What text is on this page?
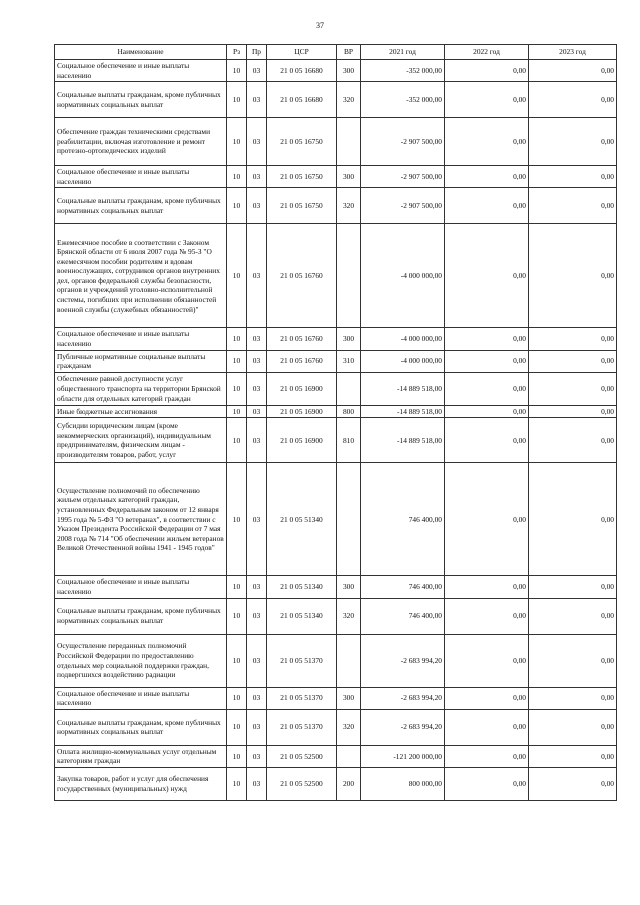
37
Наименование	Рз	Пр	ЦСР	ВР	2021 год	2022 год	2023 год
Социальное обеспечение и иные выплаты населению	10	03	21 0 05 16680	300	-352 000,00	0,00	0,00
Социальные выплаты гражданам, кроме публичных нормативных социальных выплат	10	03	21 0 05 16680	320	-352 000,00	0,00	0,00
Обеспечение граждан техническими средствами реабилитации, включая изготовление и ремонт протезно-ортопедических изделий	10	03	21 0 05 16750		-2 907 500,00	0,00	0,00
Социальное обеспечение и иные выплаты населению	10	03	21 0 05 16750	300	-2 907 500,00	0,00	0,00
Социальные выплаты гражданам, кроме публичных нормативных социальных выплат	10	03	21 0 05 16750	320	-2 907 500,00	0,00	0,00
Ежемесячное пособие в соответствии с Законом Брянской области от 6 июля 2007 года № 95-З "О ежемесячном пособии родителям и вдовам военнослужащих, сотрудников органов внутренних дел, органов федеральной службы безопасности, органов и учреждений уголовно-исполнительной системы, погибших при исполнении обязанностей военной службы (служебных обязанностей)"	10	03	21 0 05 16760		-4 000 000,00	0,00	0,00
Социальное обеспечение и иные выплаты населению	10	03	21 0 05 16760	300	-4 000 000,00	0,00	0,00
Публичные нормативные социальные выплаты гражданам	10	03	21 0 05 16760	310	-4 000 000,00	0,00	0,00
Обеспечение равной доступности услуг общественного транспорта на территории Брянской области для отдельных категорий граждан	10	03	21 0 05 16900		-14 889 518,00	0,00	0,00
Иные бюджетные ассигнования	10	03	21 0 05 16900	800	-14 889 518,00	0,00	0,00
Субсидии юридическим лицам (кроме некоммерческих организаций), индивидуальным предпринимателям, физическим лицам - производителям товаров, работ, услуг	10	03	21 0 05 16900	810	-14 889 518,00	0,00	0,00
Осуществление полномочий по обеспечению жильем отдельных категорий граждан, установленных Федеральным законом от 12 января 1995 года № 5-ФЗ "О ветеранах", в соответствии с Указом Президента Российской Федерации от 7 мая 2008 года № 714 "Об обеспечении жильем ветеранов Великой Отечественной войны 1941 - 1945 годов"	10	03	21 0 05 51340		746 400,00	0,00	0,00
Социальное обеспечение и иные выплаты населению	10	03	21 0 05 51340	300	746 400,00	0,00	0,00
Социальные выплаты гражданам, кроме публичных нормативных социальных выплат	10	03	21 0 05 51340	320	746 400,00	0,00	0,00
Осуществление переданных полномочий Российской Федерации по предоставлению отдельных мер социальной поддержки граждан, подвергшихся воздействию радиации	10	03	21 0 05 51370		-2 683 994,20	0,00	0,00
Социальное обеспечение и иные выплаты населению	10	03	21 0 05 51370	300	-2 683 994,20	0,00	0,00
Социальные выплаты гражданам, кроме публичных нормативных социальных выплат	10	03	21 0 05 51370	320	-2 683 994,20	0,00	0,00
Оплата жилищно-коммунальных услуг отдельным категориям граждан	10	03	21 0 05 52500		-121 200 000,00	0,00	0,00
Закупка товаров, работ и услуг для обеспечения государственных (муниципальных) нужд	10	03	21 0 05 52500	200	800 000,00	0,00	0,00
